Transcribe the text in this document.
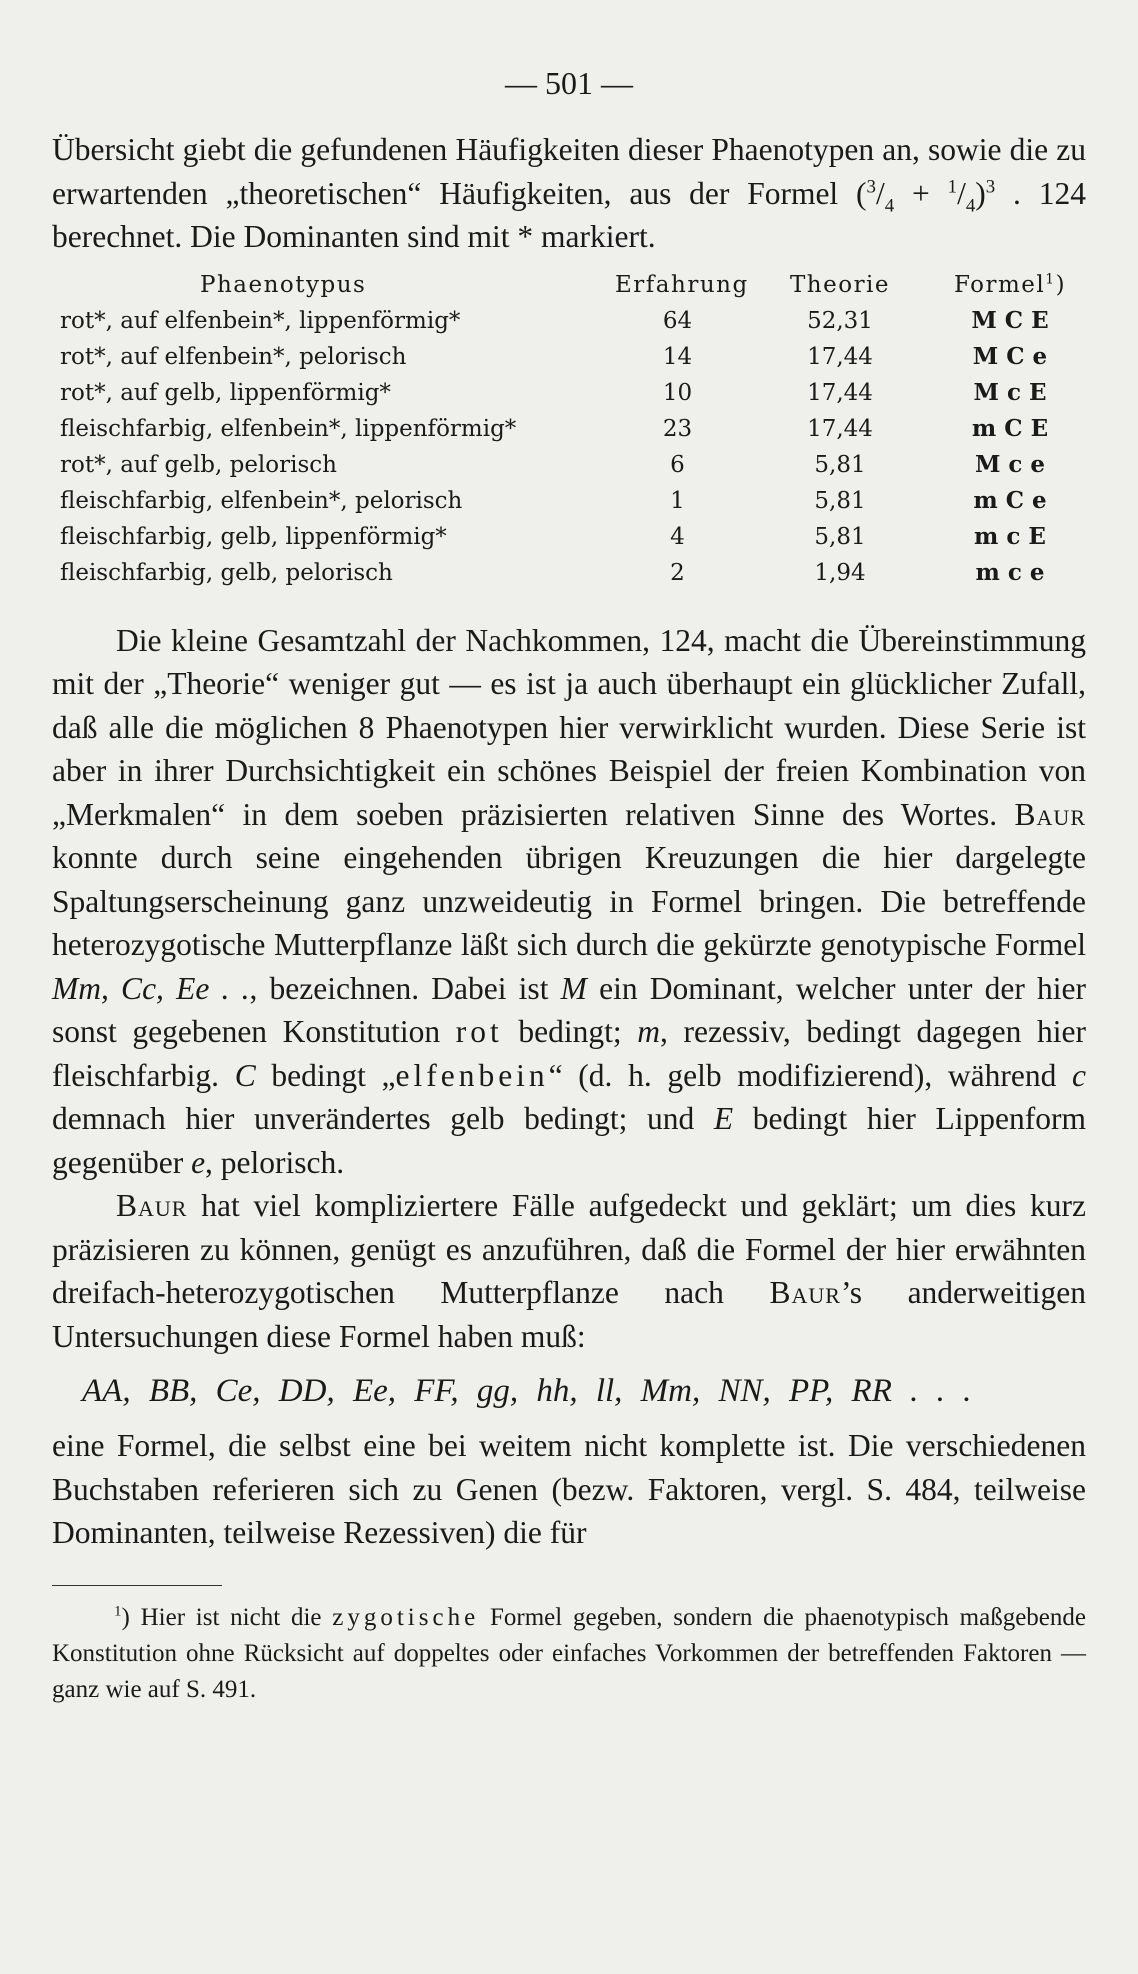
— 501 —

Übersicht giebt die gefundenen Häufigkeiten dieser Phaenotypen an, sowie die zu erwartenden „theoretischen“ Häufigkeiten, aus der Formel $(^3/_4 + ^1/_4)^3$ . 124 berechnet. Die Dominanten sind mit * markiert.

Phaenotypus	Erfahrung	Theorie	Formel$^1$)
rot*, auf elfenbein*, lippenförmig*	64	52,31	M C E
rot*, auf elfenbein*, pelorisch	14	17,44	M C e
rot*, auf gelb, lippenförmig*	10	17,44	M c E
fleischfarbig, elfenbein*, lippenförmig*	23	17,44	m C E
rot*, auf gelb, pelorisch	6	5,81	M c e
fleischfarbig, elfenbein*, pelorisch	1	5,81	m C e
fleischfarbig, gelb, lippenförmig*	4	5,81	m c E
fleischfarbig, gelb, pelorisch	2	1,94	m c e

Die kleine Gesamtzahl der Nachkommen, 124, macht die Übereinstimmung mit der „Theorie“ weniger gut — es ist ja auch überhaupt ein glücklicher Zufall, daß alle die möglichen 8 Phaenotypen hier verwirklicht wurden. Diese Serie ist aber in ihrer Durchsichtigkeit ein schönes Beispiel der freien Kombination von „Merkmalen“ in dem soeben präzisierten relativen Sinne des Wortes. Baur konnte durch seine eingehenden übrigen Kreuzungen die hier dargelegte Spaltungserscheinung ganz unzweideutig in Formel bringen. Die betreffende heterozygotische Mutterpflanze läßt sich durch die gekürzte genotypische Formel Mm, Cc, Ee . ., bezeichnen. Dabei ist M ein Dominant, welcher unter der hier sonst gegebenen Konstitution rot bedingt; m, rezessiv, bedingt dagegen hier fleischfarbig. C bedingt „elfenbein“ (d. h. gelb modifizierend), während c demnach hier unverändertes gelb bedingt; und E bedingt hier Lippenform gegenüber e, pelorisch.

Baur hat viel kompliziertere Fälle aufgedeckt und geklärt; um dies kurz präzisieren zu können, genügt es anzuführen, daß die Formel der hier erwähnten dreifach-heterozygotischen Mutterpflanze nach Baur’s anderweitigen Untersuchungen diese Formel haben muß:

AA, BB, Ce, DD, Ee, FF, gg, hh, ll, Mm, NN, PP, RR . . .

eine Formel, die selbst eine bei weitem nicht komplette ist. Die verschiedenen Buchstaben referieren sich zu Genen (bezw. Faktoren, vergl. S. 484, teilweise Dominanten, teilweise Rezessiven) die für

$^1$) Hier ist nicht die zygotische Formel gegeben, sondern die phaenotypisch maßgebende Konstitution ohne Rücksicht auf doppeltes oder einfaches Vorkommen der betreffenden Faktoren — ganz wie auf S. 491.
